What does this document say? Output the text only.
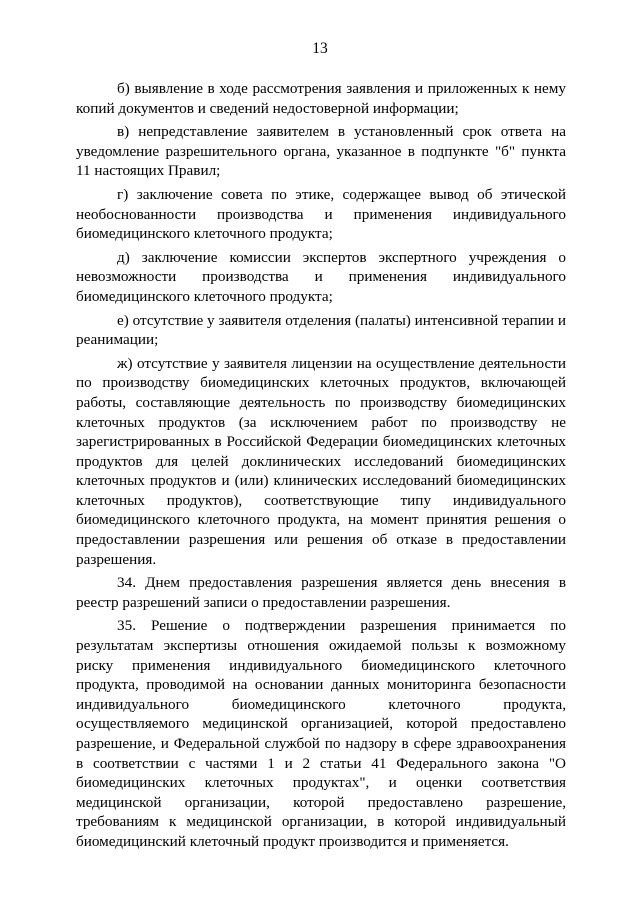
13

б) выявление в ходе рассмотрения заявления и приложенных к нему копий документов и сведений недостоверной информации;

в) непредставление заявителем в установленный срок ответа на уведомление разрешительного органа, указанное в подпункте "б" пункта 11 настоящих Правил;

г) заключение совета по этике, содержащее вывод об этической необоснованности производства и применения индивидуального биомедицинского клеточного продукта;

д) заключение комиссии экспертов экспертного учреждения о невозможности производства и применения индивидуального биомедицинского клеточного продукта;

е) отсутствие у заявителя отделения (палаты) интенсивной терапии и реанимации;

ж) отсутствие у заявителя лицензии на осуществление деятельности по производству биомедицинских клеточных продуктов, включающей работы, составляющие деятельность по производству биомедицинских клеточных продуктов (за исключением работ по производству не зарегистрированных в Российской Федерации биомедицинских клеточных продуктов для целей доклинических исследований биомедицинских клеточных продуктов и (или) клинических исследований биомедицинских клеточных продуктов), соответствующие типу индивидуального биомедицинского клеточного продукта, на момент принятия решения о предоставлении разрешения или решения об отказе в предоставлении разрешения.

34. Днем предоставления разрешения является день внесения в реестр разрешений записи о предоставлении разрешения.

35. Решение о подтверждении разрешения принимается по результатам экспертизы отношения ожидаемой пользы к возможному риску применения индивидуального биомедицинского клеточного продукта, проводимой на основании данных мониторинга безопасности индивидуального биомедицинского клеточного продукта, осуществляемого медицинской организацией, которой предоставлено разрешение, и Федеральной службой по надзору в сфере здравоохранения в соответствии с частями 1 и 2 статьи 41 Федерального закона "О биомедицинских клеточных продуктах", и оценки соответствия медицинской организации, которой предоставлено разрешение, требованиям к медицинской организации, в которой индивидуальный биомедицинский клеточный продукт производится и применяется.
